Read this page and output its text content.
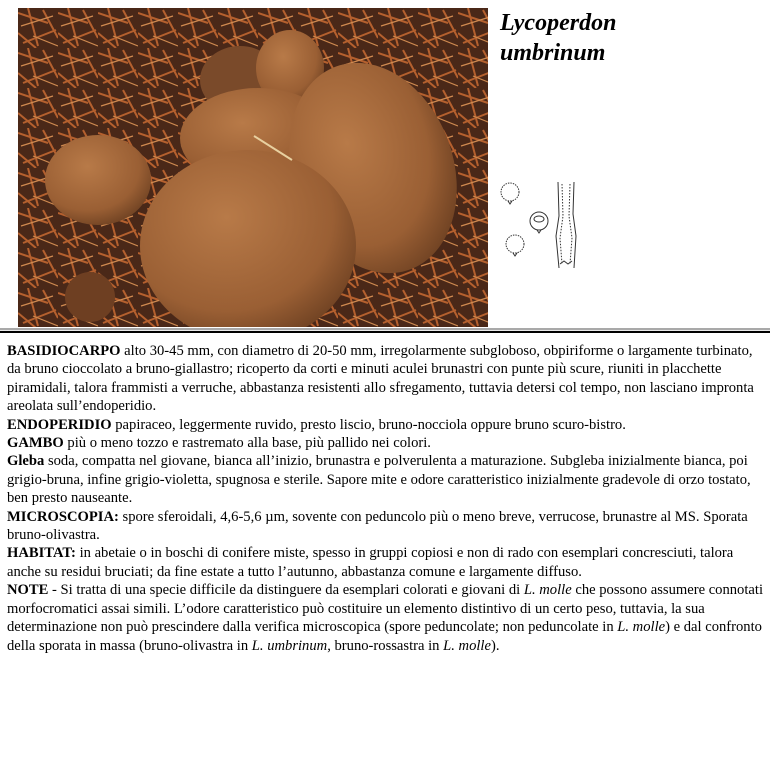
Lycoperdon
umbrinum

BASIDIOCARPO alto 30-45 mm, con diametro di 20-50 mm, irregolarmente subgloboso, obpiriforme o largamente turbinato, da bruno cioccolato a bruno-giallastro; ricoperto da corti e minuti aculei brunastri con punte più scure, riuniti in placchette piramidali, talora frammisti a verruche, abbastanza resistenti allo sfregamento, tuttavia detersi col tempo, non lasciano impronta areolata sull’endoperidio.

ENDOPERIDIO papiraceo, leggermente ruvido, presto liscio, bruno-nocciola oppure bruno scuro-bistro.

GAMBO più o meno tozzo e rastremato alla base, più pallido nei colori.

Gleba soda, compatta nel giovane, bianca all’inizio, brunastra e polverulenta a maturazione. Subgleba inizialmente bianca, poi grigio-bruna, infine grigio-violetta, spugnosa e sterile. Sapore mite e odore caratteristico inizialmente gradevole di orzo tostato, ben presto nauseante.

MICROSCOPIA: spore sferoidali, 4,6-5,6 µm, sovente con peduncolo più o meno breve, verrucose, brunastre al MS. Sporata bruno-olivastra.

HABITAT: in abetaie o in boschi di conifere miste, spesso in gruppi copiosi e non di rado con esemplari concresciuti, talora anche su residui bruciati; da fine estate a tutto l’autunno, abbastanza comune e largamente diffuso.

NOTE - Si tratta di una specie difficile da distinguere da esemplari colorati e giovani di L. molle che possono assumere connotati morfocromatici assai simili. L’odore caratteristico può costituire un elemento distintivo di un certo peso, tuttavia, la sua determinazione non può prescindere dalla verifica microscopica (spore peduncolate; non peduncolate in L. molle) e dal confronto della sporata in massa (bruno-olivastra in L. umbrinum, bruno-rossastra in L. molle).
